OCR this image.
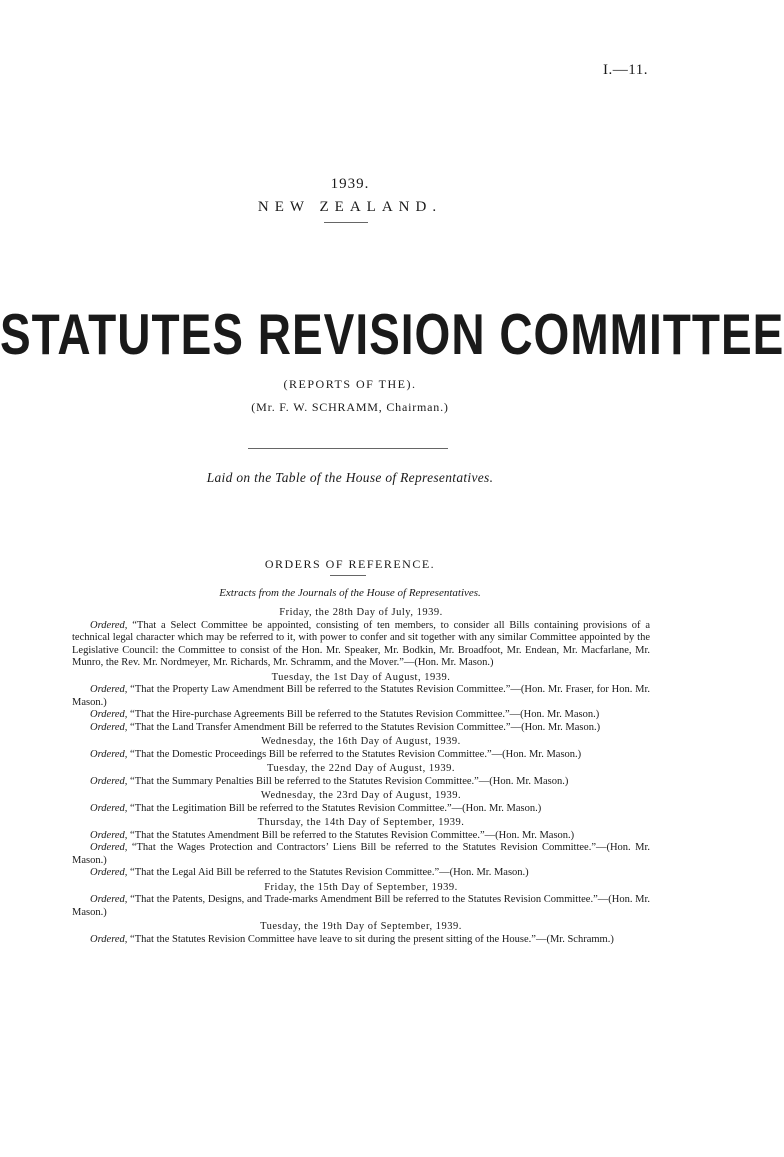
I.—11.
1939.
NEW ZEALAND.
STATUTES REVISION COMMITTEE
(REPORTS OF THE).
(Mr. F. W. SCHRAMM, Chairman.)
Laid on the Table of the House of Representatives.
ORDERS OF REFERENCE.
Extracts from the Journals of the House of Representatives.
Friday, the 28th Day of July, 1939.

Ordered, “That a Select Committee be appointed, consisting of ten members, to consider all Bills containing provisions of a technical legal character which may be referred to it, with power to confer and sit together with any similar Committee appointed by the Legislative Council: the Committee to consist of the Hon. Mr. Speaker, Mr. Bodkin, Mr. Broadfoot, Mr. Endean, Mr. Macfarlane, Mr. Munro, the Rev. Mr. Nordmeyer, Mr. Richards, Mr. Schramm, and the Mover.”—(Hon. Mr. Mason.)

Tuesday, the 1st Day of August, 1939.

Ordered, “That the Property Law Amendment Bill be referred to the Statutes Revision Committee.”—(Hon. Mr. Fraser, for Hon. Mr. Mason.)

Ordered, “That the Hire-purchase Agreements Bill be referred to the Statutes Revision Committee.”—(Hon. Mr. Mason.)

Ordered, “That the Land Transfer Amendment Bill be referred to the Statutes Revision Committee.”—(Hon. Mr. Mason.)

Wednesday, the 16th Day of August, 1939.

Ordered, “That the Domestic Proceedings Bill be referred to the Statutes Revision Committee.”—(Hon. Mr. Mason.)

Tuesday, the 22nd Day of August, 1939.

Ordered, “That the Summary Penalties Bill be referred to the Statutes Revision Committee.”—(Hon. Mr. Mason.)

Wednesday, the 23rd Day of August, 1939.

Ordered, “That the Legitimation Bill be referred to the Statutes Revision Committee.”—(Hon. Mr. Mason.)

Thursday, the 14th Day of September, 1939.

Ordered, “That the Statutes Amendment Bill be referred to the Statutes Revision Committee.”—(Hon. Mr. Mason.)

Ordered, “That the Wages Protection and Contractors’ Liens Bill be referred to the Statutes Revision Committee.”—(Hon. Mr. Mason.)

Ordered, “That the Legal Aid Bill be referred to the Statutes Revision Committee.”—(Hon. Mr. Mason.)

Friday, the 15th Day of September, 1939.

Ordered, “That the Patents, Designs, and Trade-marks Amendment Bill be referred to the Statutes Revision Committee.”—(Hon. Mr. Mason.)

Tuesday, the 19th Day of September, 1939.

Ordered, “That the Statutes Revision Committee have leave to sit during the present sitting of the House.”—(Mr. Schramm.)
